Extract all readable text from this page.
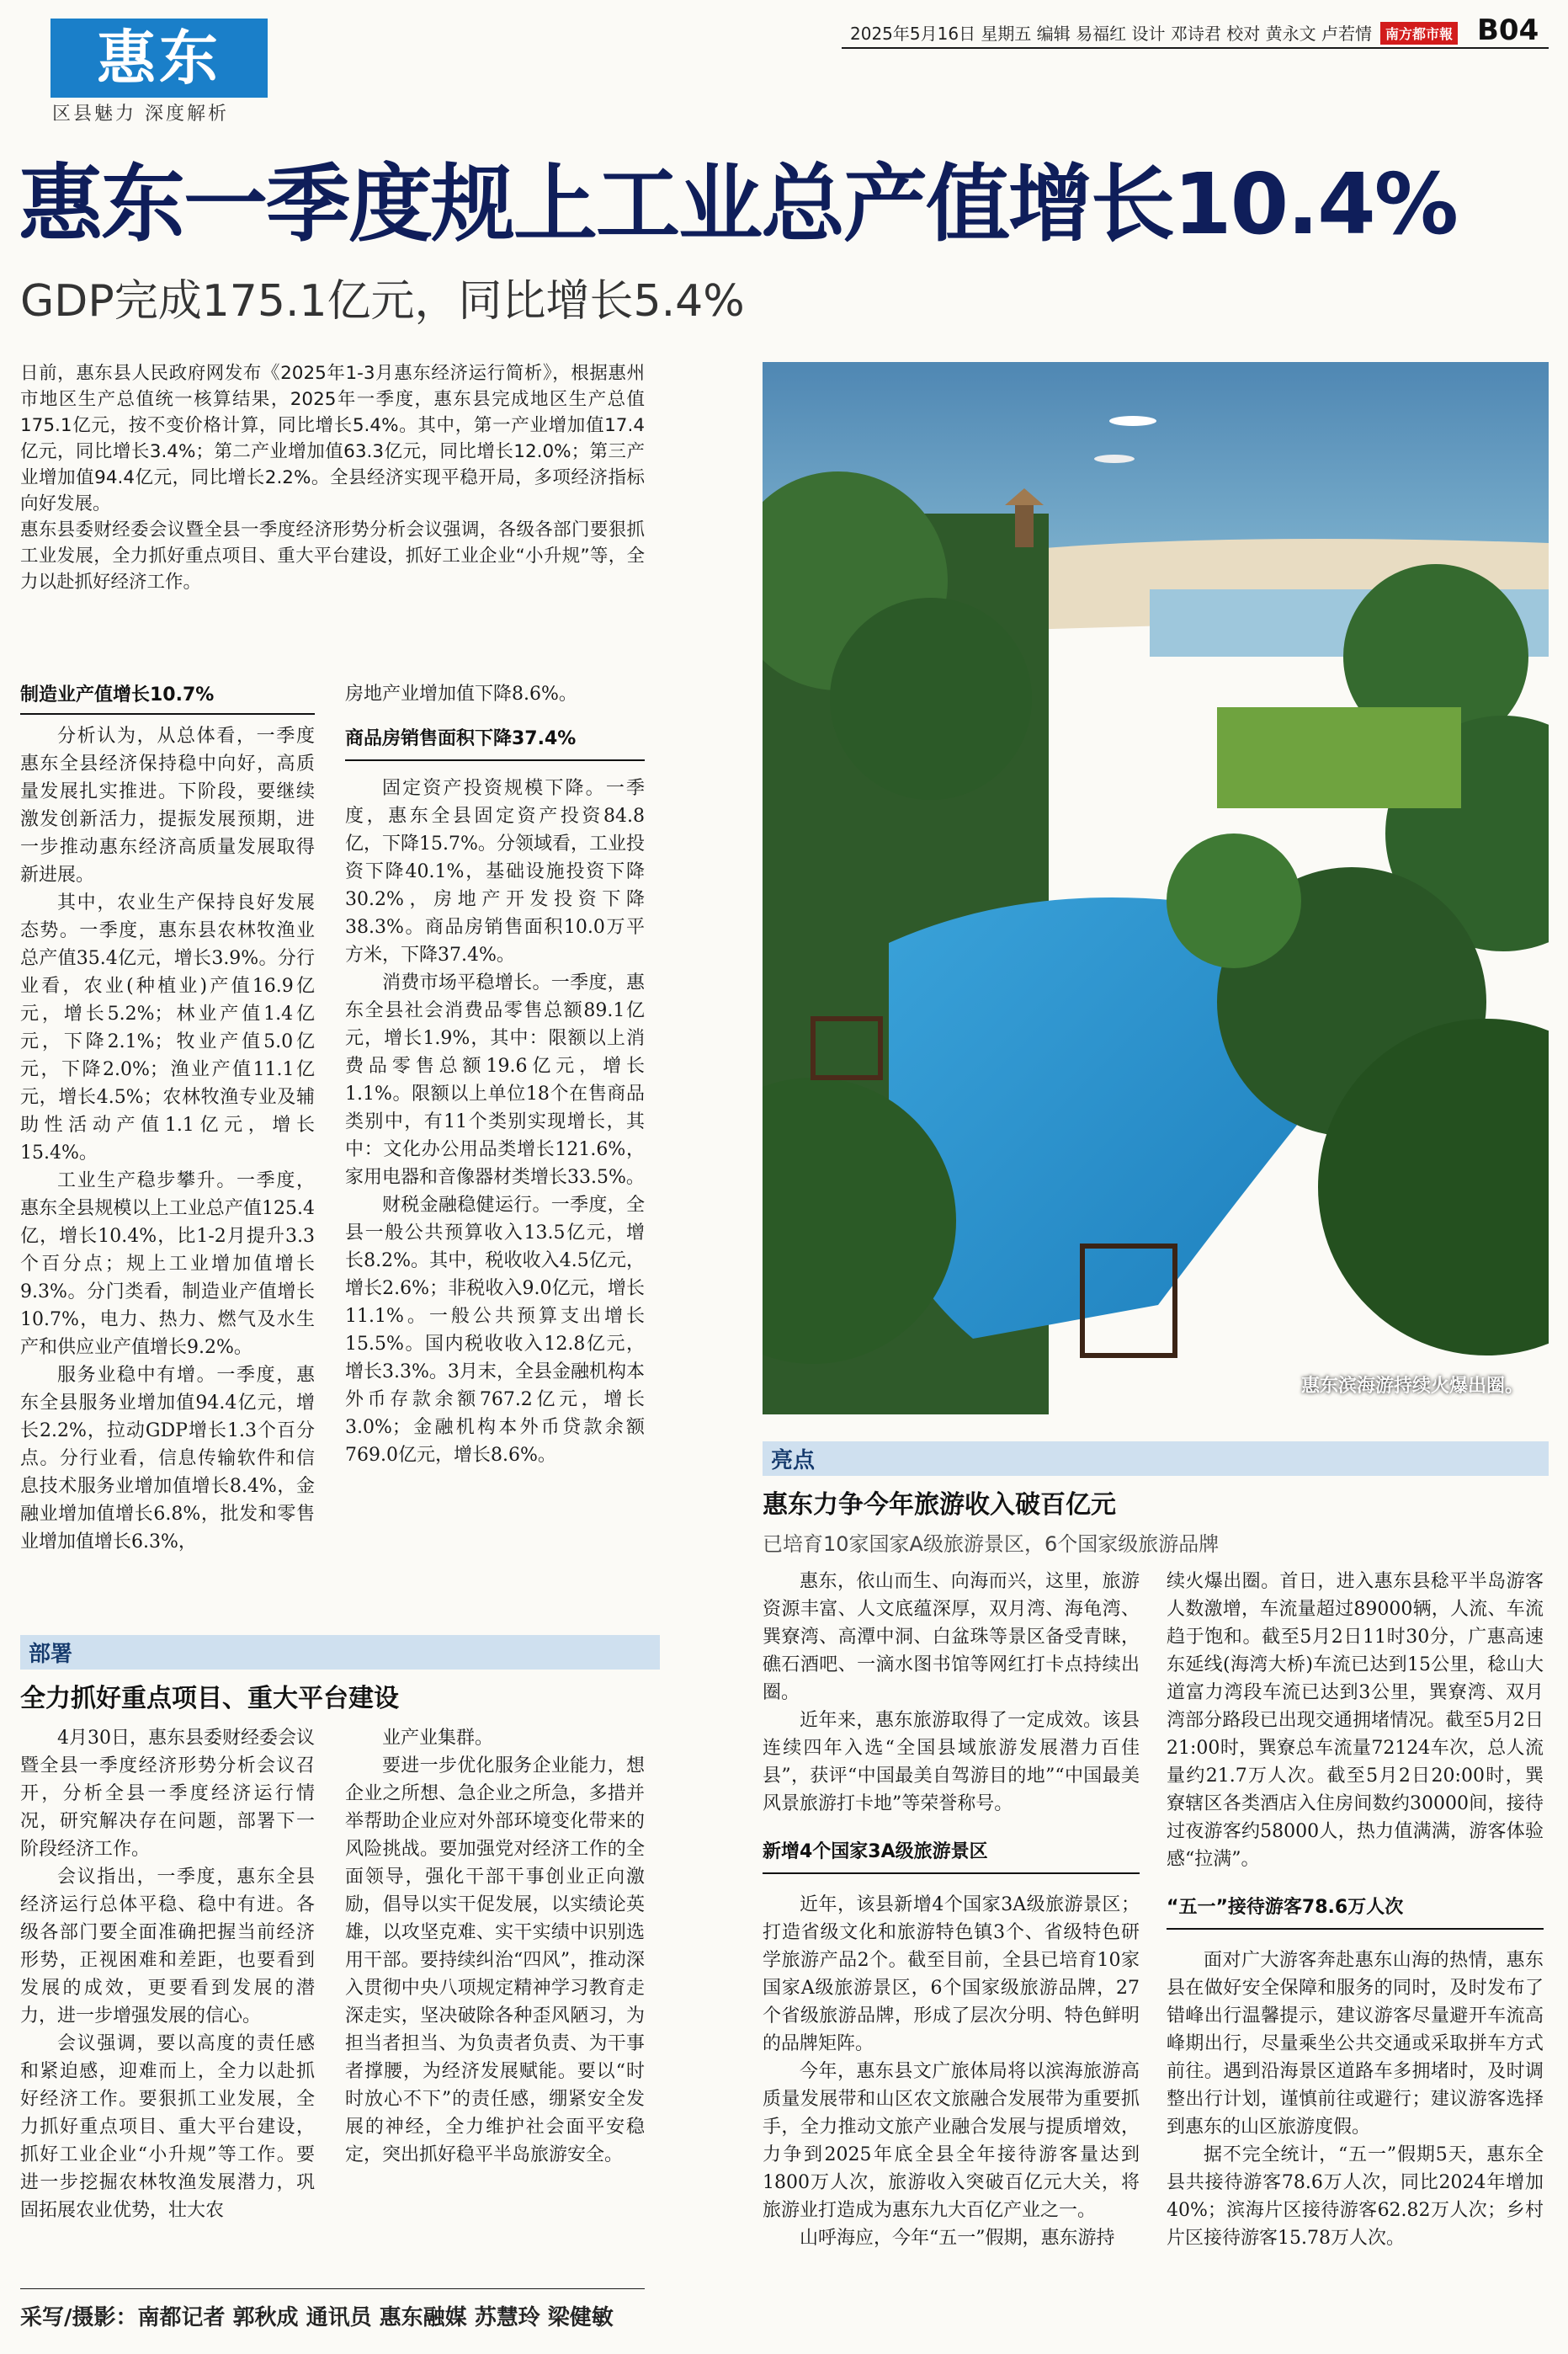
惠东
区县魅力 深度解析
2025年5月16日 星期五 编辑 易福红 设计 邓诗君 校对 黄永文 卢若情	南方都市報 B04
惠东一季度规上工业总产值增长10.4%
GDP完成175.1亿元，同比增长5.4%

日前，惠东县人民政府网发布《2025年1-3月惠东经济运行简析》，根据惠州市地区生产总值统一核算结果，2025年一季度，惠东县完成地区生产总值175.1亿元，按不变价格计算，同比增长5.4%。其中，第一产业增加值17.4亿元，同比增长3.4%；第二产业增加值63.3亿元，同比增长12.0%；第三产业增加值94.4亿元，同比增长2.2%。全县经济实现平稳开局，多项经济指标向好发展。

惠东县委财经委会议暨全县一季度经济形势分析会议强调，各级各部门要狠抓工业发展，全力抓好重点项目、重大平台建设，抓好工业企业“小升规”等，全力以赴抓好经济工作。

制造业产值增长10.7%

分析认为，从总体看，一季度惠东全县经济保持稳中向好，高质量发展扎实推进。下阶段，要继续激发创新活力，提振发展预期，进一步推动惠东经济高质量发展取得新进展。

其中，农业生产保持良好发展态势。一季度，惠东县农林牧渔业总产值35.4亿元，增长3.9%。分行业看，农业(种植业)产值16.9亿元，增长5.2%；林业产值1.4亿元，下降2.1%；牧业产值5.0亿元，下降2.0%；渔业产值11.1亿元，增长4.5%；农林牧渔专业及辅助性活动产值1.1亿元，增长15.4%。

工业生产稳步攀升。一季度，惠东全县规模以上工业总产值125.4亿，增长10.4%，比1-2月提升3.3个百分点；规上工业增加值增长9.3%。分门类看，制造业产值增长10.7%，电力、热力、燃气及水生产和供应业产值增长9.2%。

服务业稳中有增。一季度，惠东全县服务业增加值94.4亿元，增长2.2%，拉动GDP增长1.3个百分点。分行业看，信息传输软件和信息技术服务业增加值增长8.4%，金融业增加值增长6.8%，批发和零售业增加值增长6.3%，

房地产业增加值下降8.6%。

商品房销售面积下降37.4%

固定资产投资规模下降。一季度，惠东全县固定资产投资84.8亿，下降15.7%。分领域看，工业投资下降40.1%，基础设施投资下降30.2%，房地产开发投资下降38.3%。商品房销售面积10.0万平方米，下降37.4%。

消费市场平稳增长。一季度，惠东全县社会消费品零售总额89.1亿元，增长1.9%，其中：限额以上消费品零售总额19.6亿元，增长1.1%。限额以上单位18个在售商品类别中，有11个类别实现增长，其中：文化办公用品类增长121.6%，家用电器和音像器材类增长33.5%。

财税金融稳健运行。一季度，全县一般公共预算收入13.5亿元，增长8.2%。其中，税收收入4.5亿元，增长2.6%；非税收入9.0亿元，增长11.1%。一般公共预算支出增长15.5%。国内税收收入12.8亿元，增长3.3%。3月末，全县金融机构本外币存款余额767.2亿元，增长3.0%；金融机构本外币贷款余额769.0亿元，增长8.6%。

部署
全力抓好重点项目、重大平台建设

4月30日，惠东县委财经委会议暨全县一季度经济形势分析会议召开，分析全县一季度经济运行情况，研究解决存在问题，部署下一阶段经济工作。

会议指出，一季度，惠东全县经济运行总体平稳、稳中有进。各级各部门要全面准确把握当前经济形势，正视困难和差距，也要看到发展的成效，更要看到发展的潜力，进一步增强发展的信心。

会议强调，要以高度的责任感和紧迫感，迎难而上，全力以赴抓好经济工作。要狠抓工业发展，全力抓好重点项目、重大平台建设，抓好工业企业“小升规”等工作。要进一步挖掘农林牧渔发展潜力，巩固拓展农业优势，壮大农

业产业集群。

要进一步优化服务企业能力，想企业之所想、急企业之所急，多措并举帮助企业应对外部环境变化带来的风险挑战。要加强党对经济工作的全面领导，强化干部干事创业正向激励，倡导以实干促发展，以实绩论英雄，以攻坚克难、实干实绩中识别选用干部。要持续纠治“四风”，推动深入贯彻中央八项规定精神学习教育走深走实，坚决破除各种歪风陋习，为担当者担当、为负责者负责、为干事者撑腰，为经济发展赋能。要以“时时放心不下”的责任感，绷紧安全发展的神经，全力维护社会面平安稳定，突出抓好稳平半岛旅游安全。

惠东滨海游持续火爆出圈。
亮点
惠东力争今年旅游收入破百亿元
已培育10家国家A级旅游景区，6个国家级旅游品牌

惠东，依山而生、向海而兴，这里，旅游资源丰富、人文底蕴深厚，双月湾、海龟湾、巽寮湾、高潭中洞、白盆珠等景区备受青睐，礁石酒吧、一滴水图书馆等网红打卡点持续出圈。

近年来，惠东旅游取得了一定成效。该县连续四年入选“全国县域旅游发展潜力百佳县”，获评“中国最美自驾游目的地”“中国最美风景旅游打卡地”等荣誉称号。

新增4个国家3A级旅游景区

近年，该县新增4个国家3A级旅游景区；打造省级文化和旅游特色镇3个、省级特色研学旅游产品2个。截至目前，全县已培育10家国家A级旅游景区，6个国家级旅游品牌，27个省级旅游品牌，形成了层次分明、特色鲜明的品牌矩阵。

今年，惠东县文广旅体局将以滨海旅游高质量发展带和山区农文旅融合发展带为重要抓手，全力推动文旅产业融合发展与提质增效，力争到2025年底全县全年接待游客量达到1800万人次，旅游收入突破百亿元大关，将旅游业打造成为惠东九大百亿产业之一。

山呼海应，今年“五一”假期，惠东游持

续火爆出圈。首日，进入惠东县稔平半岛游客人数激增，车流量超过89000辆，人流、车流趋于饱和。截至5月2日11时30分，广惠高速东延线(海湾大桥)车流已达到15公里，稔山大道富力湾段车流已达到3公里，巽寮湾、双月湾部分路段已出现交通拥堵情况。截至5月2日21:00时，巽寮总车流量72124车次，总人流量约21.7万人次。截至5月2日20:00时，巽寮辖区各类酒店入住房间数约30000间，接待过夜游客约58000人，热力值满满，游客体验感“拉满”。

“五一”接待游客78.6万人次

面对广大游客奔赴惠东山海的热情，惠东县在做好安全保障和服务的同时，及时发布了错峰出行温馨提示，建议游客尽量避开车流高峰期出行，尽量乘坐公共交通或采取拼车方式前往。遇到沿海景区道路车多拥堵时，及时调整出行计划，谨慎前往或避行；建议游客选择到惠东的山区旅游度假。

据不完全统计，“五一”假期5天，惠东全县共接待游客78.6万人次，同比2024年增加40%；滨海片区接待游客62.82万人次；乡村片区接待游客15.78万人次。

采写/摄影：南都记者 郭秋成 通讯员 惠东融媒 苏慧玲 梁健敏
